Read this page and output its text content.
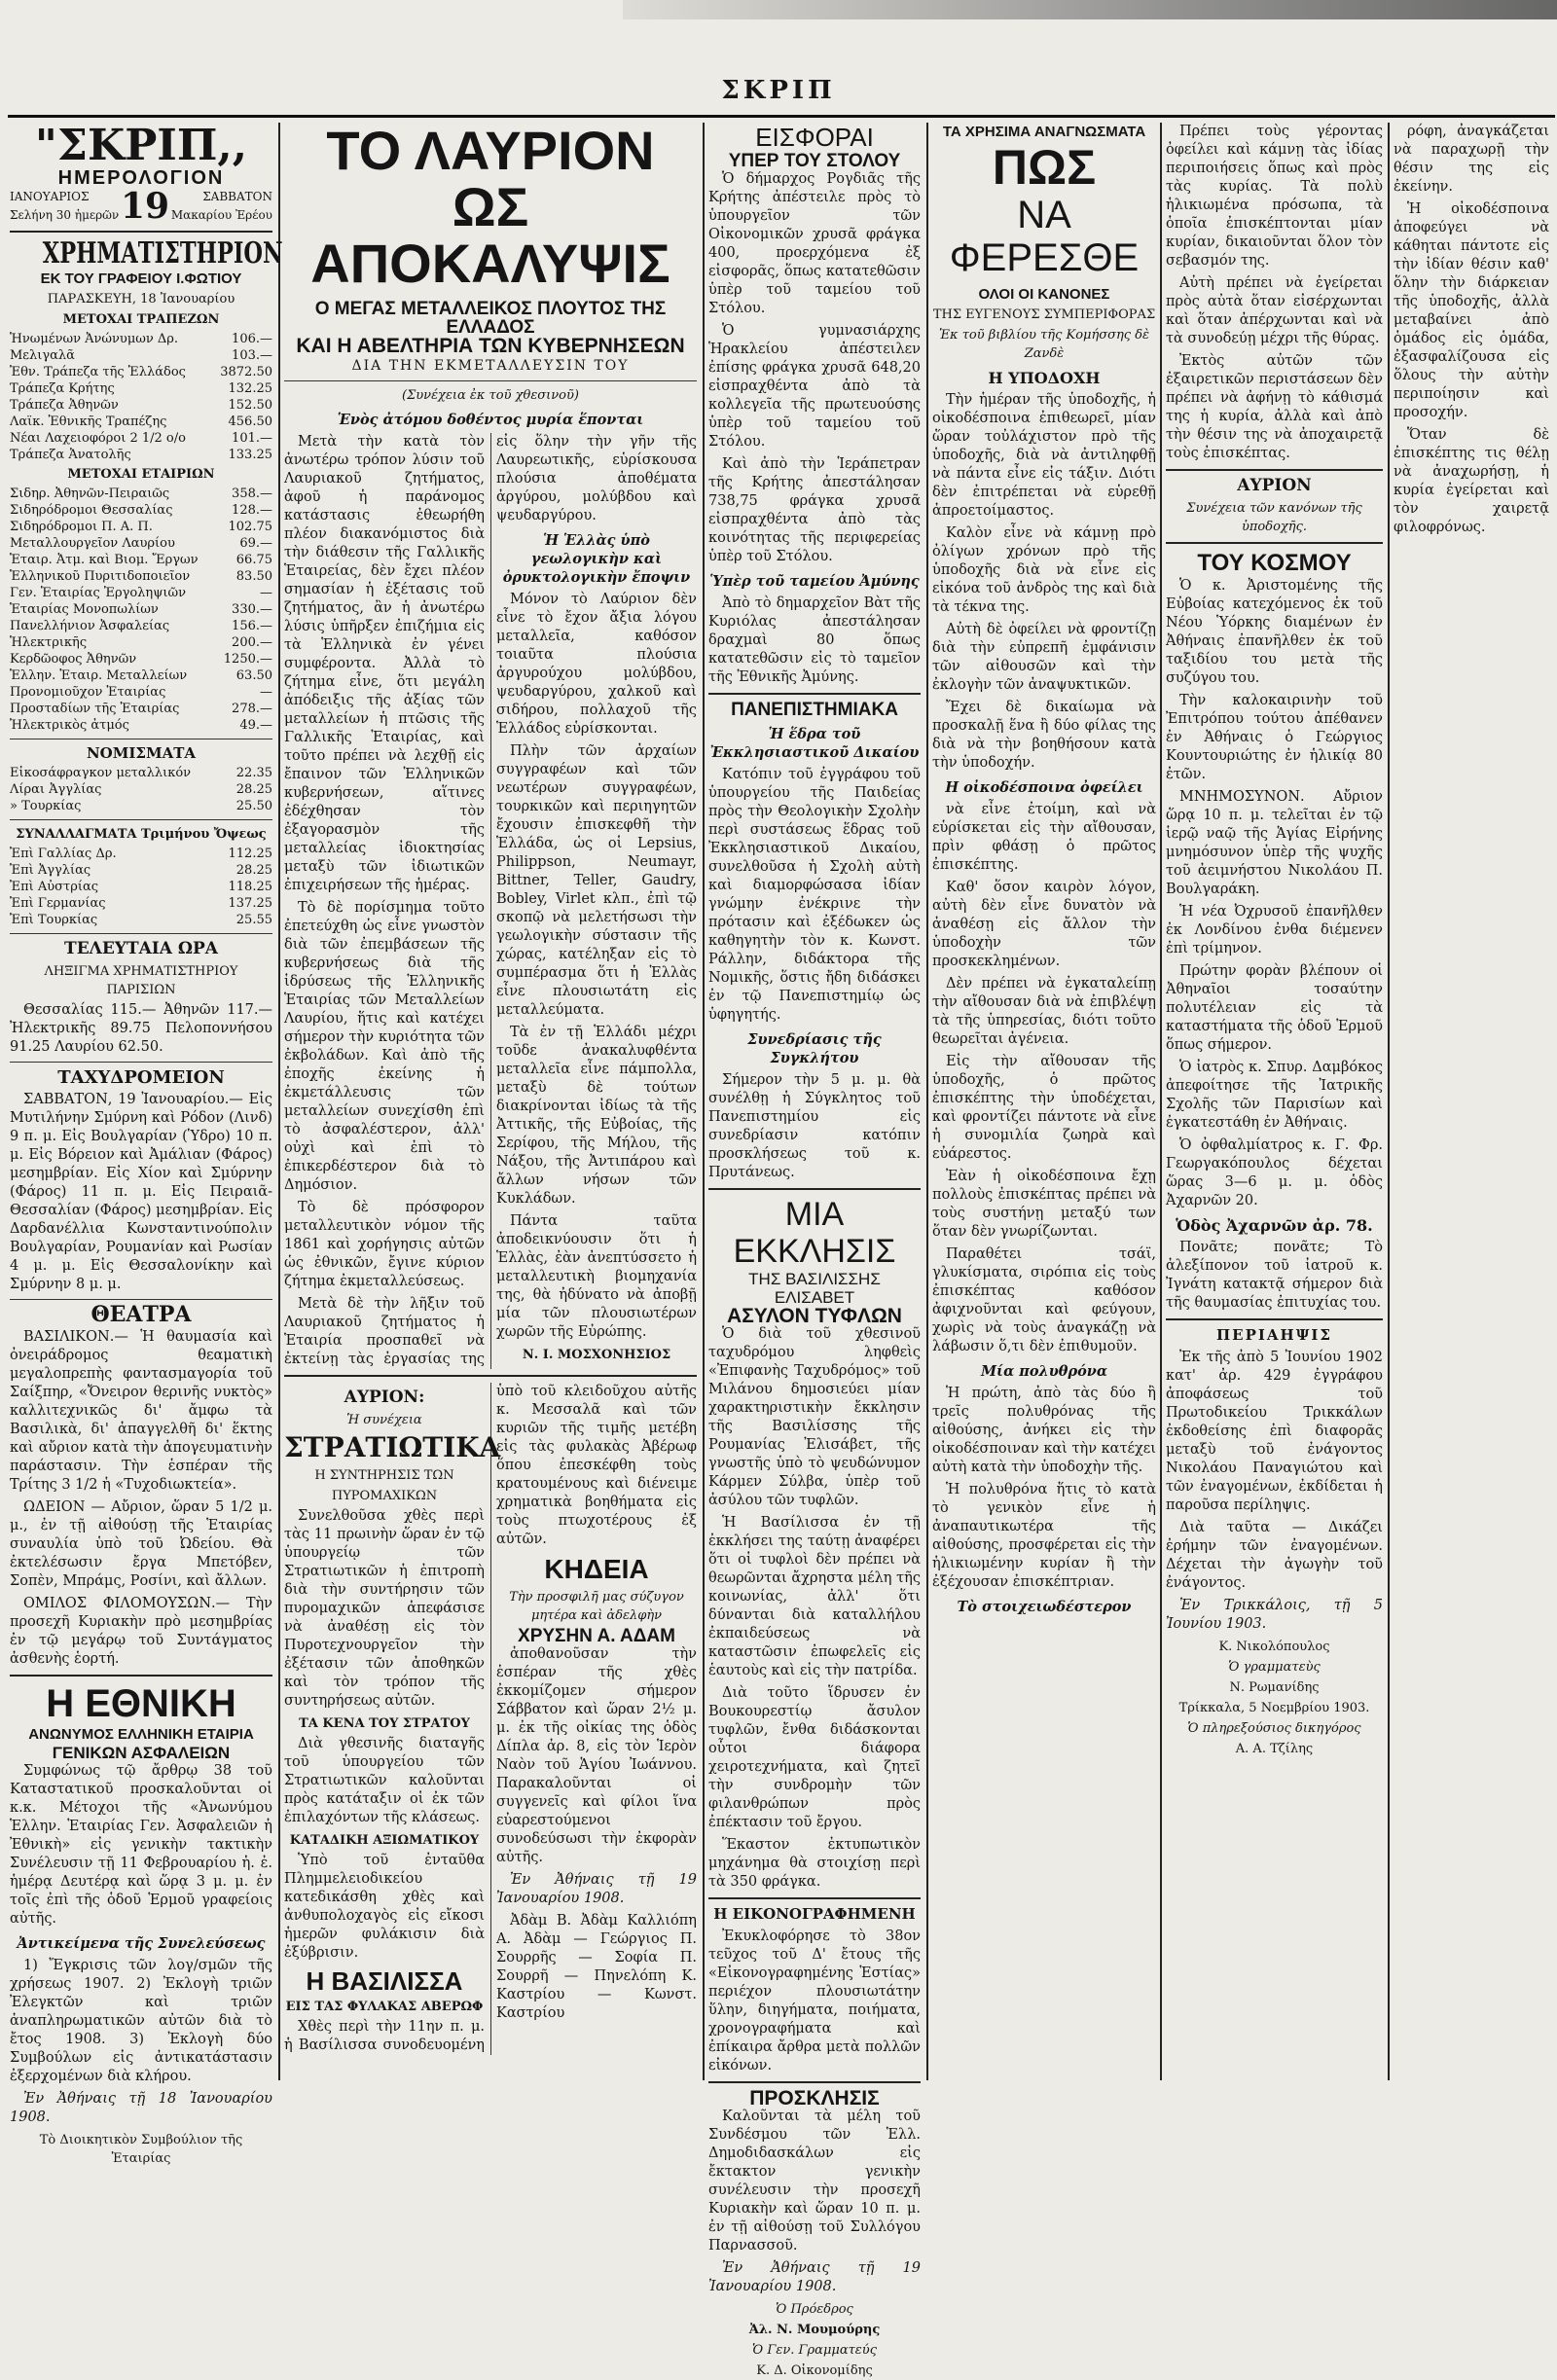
ΣΚΡΙΠ
"ΣΚΡΙΠ,,
ΗΜΕΡΟΛΟΓΙΟΝ
ΙΑΝΟΥΑΡΙΟΣ
Σελήνη 30 ἡμερῶν 19	ΣΑΒΒΑΤΟΝ
Μακαρίου Ἐρέου
ΧΡΗΜΑΤΙΣΤΗΡΙΟΝ
ΕΚ ΤΟΥ ΓΡΑΦΕΙΟΥ Ι.ΦΩΤΙΟΥ
ΠΑΡΑΣΚΕΥΗ, 18 Ἰανουαρίου
ΜΕΤΟΧΑΙ ΤΡΑΠΕΖΩΝ
Ἡνωμένων Ἀνώνυμων Δρ.	106.—
Μελιγαλᾶ	103.—
Ἐθν. Τράπεζα τῆς Ἑλλάδος	3872.50
Τράπεζα Κρήτης	132.25
Τράπεζα Ἀθηνῶν	152.50
Λαϊκ. Ἐθνικῆς Τραπέζης	456.50
Νέαι Λαχειοφόροι 2 1/2 ο/ο	101.—
Τράπεζα Ἀνατολῆς	133.25
ΜΕΤΟΧΑΙ ΕΤΑΙΡΙΩΝ
Σιδηρ. Ἀθηνῶν-Πειραιῶς	358.—
Σιδηρόδρομοι Θεσσαλίας	128.—
Σιδηρόδρομοι Π. Α. Π.	102.75
Μεταλλουργεῖον Λαυρίου	69.—
Ἑταιρ. Ἀτμ. καὶ Βιομ. Ἔργων	66.75
Ἑλληνικοῦ Πυριτιδοποιεῖον	83.50
Γεν. Ἑταιρίας Ἐργοληψιῶν	—
Ἑταιρίας Μονοπωλίων	330.—
Πανελλήνιον Ἀσφαλείας	156.—
Ἡλεκτρικῆς	200.—
Κερδῶοφος Ἀθηνῶν	1250.—
Ἑλλην. Ἑταιρ. Μεταλλείων	63.50
Προνομιοῦχον Ἑταιρίας	—
Προσταδίων τῆς Ἑταιρίας	278.—
Ἠλεκτρικὸς ἀτμός	49.—
ΝΟΜΙΣΜΑΤΑ
Εἰκοσάφραγκον μεταλλικόν	22.35
Λίραι Ἀγγλίας	28.25
» Τουρκίας	25.50
ΣΥΝΑΛΛΑΓΜΑΤΑ Τριμήνου Ὄψεως
Ἐπὶ Γαλλίας Δρ.	112.25
Ἐπὶ Ἀγγλίας	28.25
Ἐπὶ Αὐστρίας	118.25
Ἐπὶ Γερμανίας	137.25
Ἐπὶ Τουρκίας	25.55
ΤΕΛΕΥΤΑΙΑ ΩΡΑ
ΛΗΞΙΓΜΑ ΧΡΗΜΑΤΙΣΤΗΡΙΟΥ ΠΑΡΙΣΙΩΝ

Θεσσαλίας 115.— Ἀθηνῶν 117.— Ἠλεκτρικῆς 89.75 Πελοποννήσου 91.25 Λαυρίου 62.50.

ΤΑΧΥΔΡΟΜΕΙΟΝ

ΣΑΒΒΑΤΟΝ, 19 Ἰανουαρίου.— Εἰς Μυτιλήνην Σμύρνη καὶ Ρόδον (Λινδ) 9 π. μ. Εἰς Βουλγαρίαν (Ὑδρο) 10 π. μ. Εἰς Βόρειον καὶ Ἀμάλιαν (Φάρος) μεσημβρίαν. Εἰς Χίον καὶ Σμύρνην (Φάρος) 11 π. μ. Εἰς Πειραιᾶ-Θεσσαλίαν (Φάρος) μεσημβρίαν. Εἰς Δαρδανέλλια Κωνσταντινούπολιν Βουλγαρίαν, Ρουμανίαν καὶ Ρωσίαν 4 μ. μ. Εἰς Θεσσαλονίκην καὶ Σμύρνην 8 μ. μ.

ΘΕΑΤΡΑ

ΒΑΣΙΛΙΚΟΝ.— Ἡ θαυμασία καὶ ὀνειράδρομος θεαματικὴ μεγαλοπρεπὴς φαντασμαγορία τοῦ Σαίξπηρ, «Ὄνειρον θερινῆς νυκτὸς» καλλιτεχνικῶς δι' ἄμφω τὰ Βασιλικὰ, δι' ἀπαγγελθῆ δι' ἕκτης καὶ αὔριον κατὰ τὴν ἀπογευματινὴν παράστασιν. Τὴν ἑσπέραν τῆς Τρίτης 3 1/2 ἡ «Τυχοδιωκτεία».

ΩΔΕΙΟΝ — Αὔριον, ὥραν 5 1/2 μ. μ., ἐν τῇ αἰθούσῃ τῆς Ἑταιρίας συναυλία ὑπὸ τοῦ Ὠδείου. Θὰ ἐκτελέσωσιν ἔργα Μπετόβεν, Σοπὲν, Μπράμς, Ροσίνι, καὶ ἄλλων.

ΟΜΙΛΟΣ ΦΙΛΟΜΟΥΣΩΝ.— Τὴν προσεχῆ Κυριακὴν πρὸ μεσημβρίας ἐν τῷ μεγάρῳ τοῦ Συντάγματος ἀσθενὴς ἑορτή.

Η ΕΘΝΙΚΗ
ΑΝΩΝΥΜΟΣ ΕΛΛΗΝΙΚΗ ΕΤΑΙΡΙΑ
ΓΕΝΙΚΩΝ ΑΣΦΑΛΕΙΩΝ

Συμφώνως τῷ ἄρθρῳ 38 τοῦ Καταστατικοῦ προσκαλοῦνται οἱ κ.κ. Μέτοχοι τῆς «Ἀνωνύμου Ἑλλην. Ἑταιρίας Γεν. Ἀσφαλειῶν ἡ Ἐθνικὴ» εἰς γενικὴν τακτικὴν Συνέλευσιν τῇ 11 Φεβρουαρίου ἡ. ἐ. ἡμέρᾳ Δευτέρᾳ καὶ ὥρᾳ 3 μ. μ. ἐν τοῖς ἐπὶ τῆς ὁδοῦ Ἑρμοῦ γραφείοις αὐτῆς.

Ἀντικείμενα τῆς Συνελεύσεως

1) Ἔγκρισις τῶν λογ/σμῶν τῆς χρήσεως 1907. 2) Ἐκλογὴ τριῶν Ἐλεγκτῶν καὶ τριῶν ἀναπληρωματικῶν αὐτῶν διὰ τὸ ἔτος 1908. 3) Ἐκλογὴ δύο Συμβούλων εἰς ἀντικατάστασιν ἐξερχομένων διὰ κλήρου.

Ἐν Ἀθήναις τῇ 18 Ἰανουαρίου 1908.

Τὸ Διοικητικὸν Συμβούλιον τῆς Ἑταιρίας
ΤΟ ΛΑΥΡΙΟΝ
ΩΣ ΑΠΟΚΑΛΥΨΙΣ
Ο ΜΕΓΑΣ ΜΕΤΑΛΛΕΙΚΟΣ ΠΛΟΥΤΟΣ ΤΗΣ ΕΛΛΑΔΟΣ
ΚΑΙ Η ΑΒΕΛΤΗΡΙΑ ΤΩΝ ΚΥΒΕΡΝΗΣΕΩΝ
ΔΙΑ ΤΗΝ ΕΚΜΕΤΑΛΛΕΥΣΙΝ ΤΟΥ
(Συνέχεια ἐκ τοῦ χθεσινοῦ)
Ἑνὸς ἀτόμου δοθέντος μυρία ἕπονται

Μετὰ τὴν κατὰ τὸν ἀνωτέρω τρόπον λύσιν τοῦ Λαυριακοῦ ζητήματος, ἀφοῦ ἡ παράνομος κατάστασις ἐθεωρήθη πλέον διακανόμιστος διὰ τὴν διάθεσιν τῆς Γαλλικῆς Ἑταιρείας, δὲν ἔχει πλέον σημασίαν ἡ ἐξέτασις τοῦ ζητήματος, ἂν ἡ ἀνωτέρω λύσις ὑπῆρξεν ἐπιζήμια εἰς τὰ Ἑλληνικὰ ἐν γένει συμφέροντα. Ἀλλὰ τὸ ζήτημα εἶνε, ὅτι μεγάλη ἀπόδειξις τῆς ἀξίας τῶν μεταλλείων ἡ πτῶσις τῆς Γαλλικῆς Ἑταιρίας, καὶ τοῦτο πρέπει νὰ λεχθῇ εἰς ἔπαινον τῶν Ἑλληνικῶν κυβερνήσεων, αἵτινες ἐδέχθησαν τὸν ἐξαγορασμὸν τῆς μεταλλείας ἰδιοκτησίας μεταξὺ τῶν ἰδιωτικῶν ἐπιχειρήσεων τῆς ἡμέρας.

Τὸ δὲ πορίσμημα τοῦτο ἐπετεύχθη ὡς εἶνε γνωστὸν διὰ τῶν ἐπεμβάσεων τῆς κυβερνήσεως διὰ τῆς ἱδρύσεως τῆς Ἑλληνικῆς Ἑταιρίας τῶν Μεταλλείων Λαυρίου, ἥτις καὶ κατέχει σήμερον τὴν κυριότητα τῶν ἐκβολάδων. Καὶ ἀπὸ τῆς ἐποχῆς ἐκείνης ἡ ἐκμετάλλευσις τῶν μεταλλείων συνεχίσθη ἐπὶ τὸ ἀσφαλέστερον, ἀλλ' οὐχὶ καὶ ἐπὶ τὸ ἐπικερδέστερον διὰ τὸ Δημόσιον.

Τὸ δὲ πρόσφορον μεταλλευτικὸν νόμον τῆς 1861 καὶ χορήγησις αὐτῶν ὡς ἐθνικῶν, ἔγινε κύριον ζήτημα ἐκμεταλλεύσεως.

Μετὰ δὲ τὴν λῆξιν τοῦ Λαυριακοῦ ζητήματος ἡ Ἑταιρία προσπαθεῖ νὰ ἐκτείνῃ τὰς ἐργασίας της εἰς ὅλην τὴν γῆν τῆς Λαυρεωτικῆς, εὑρίσκουσα πλούσια ἀποθέματα ἀργύρου, μολύβδου καὶ ψευδαργύρου.

Ἡ Ἑλλὰς ὑπὸ γεωλογικὴν καὶ ὀρυκτολογικὴν ἔποψιν

Μόνον τὸ Λαύριον δὲν εἶνε τὸ ἔχον ἄξια λόγου μεταλλεῖα, καθόσον τοιαῦτα πλούσια ἀργυρούχου μολύβδου, ψευδαργύρου, χαλκοῦ καὶ σιδήρου, πολλαχοῦ τῆς Ἑλλάδος εὑρίσκονται.

Πλὴν τῶν ἀρχαίων συγγραφέων καὶ τῶν νεωτέρων συγγραφέων, τουρκικῶν καὶ περιηγητῶν ἔχουσιν ἐπισκεφθῆ τὴν Ἑλλάδα, ὡς οἱ Lepsius, Philippson, Neumayr, Bittner, Teller, Gaudry, Bobley, Virlet κλπ., ἐπὶ τῷ σκοπῷ νὰ μελετήσωσι τὴν γεωλογικὴν σύστασιν τῆς χώρας, κατέληξαν εἰς τὸ συμπέρασμα ὅτι ἡ Ἑλλὰς εἶνε πλουσιωτάτη εἰς μεταλλεύματα.

Τὰ ἐν τῇ Ἑλλάδι μέχρι τοῦδε ἀνακαλυφθέντα μεταλλεῖα εἶνε πάμπολλα, μεταξὺ δὲ τούτων διακρίνονται ἰδίως τὰ τῆς Ἀττικῆς, τῆς Εὐβοίας, τῆς Σερίφου, τῆς Μήλου, τῆς Νάξου, τῆς Ἀντιπάρου καὶ ἄλλων νήσων τῶν Κυκλάδων.

Πάντα ταῦτα ἀποδεικνύουσιν ὅτι ἡ Ἑλλὰς, ἐὰν ἀνεπτύσσετο ἡ μεταλλευτικὴ βιομηχανία της, θὰ ἠδύνατο νὰ ἀποβῇ μία τῶν πλουσιωτέρων χωρῶν τῆς Εὐρώπης.

Ν. Ι. ΜΟΣΧΟΝΗΣΙΟΣ
ΑΥΡΙΟΝ:
Ἡ συνέχεια
ΣΤΡΑΤΙΩΤΙΚΑ
Η ΣΥΝΤΗΡΗΣΙΣ ΤΩΝ
ΠΥΡΟΜΑΧΙΚΩΝ

Συνελθοῦσα χθὲς περὶ τὰς 11 πρωινὴν ὥραν ἐν τῷ ὑπουργείῳ τῶν Στρατιωτικῶν ἡ ἐπιτροπὴ διὰ τὴν συντήρησιν τῶν πυρομαχικῶν ἀπεφάσισε νὰ ἀναθέσῃ εἰς τὸν Πυροτεχνουργεῖον τὴν ἐξέτασιν τῶν ἀποθηκῶν καὶ τὸν τρόπον τῆς συντηρήσεως αὐτῶν.

ΤΑ ΚΕΝΑ ΤΟΥ ΣΤΡΑΤΟΥ

Διὰ γθεσινῆς διαταγῆς τοῦ ὑπουργείου τῶν Στρατιωτικῶν καλοῦνται πρὸς κατάταξιν οἱ ἐκ τῶν ἐπιλαχόντων τῆς κλάσεως.

ΚΑΤΑΔΙΚΗ ΑΞΙΩΜΑΤΙΚΟΥ

Ὑπὸ τοῦ ἐνταῦθα Πλημμελειοδικείου κατεδικάσθη χθὲς καὶ ἀνθυπολοχαγὸς εἰς εἴκοσι ἡμερῶν φυλάκισιν διὰ ἐξύβρισιν.

Η ΒΑΣΙΛΙΣΣΑ
ΕΙΣ ΤΑΣ ΦΥΛΑΚΑΣ ΑΒΕΡΩΦ

Χθὲς περὶ τὴν 11ην π. μ. ἡ Βασίλισσα συνοδευομένη ὑπὸ τοῦ κλειδοῦχου αὐτῆς κ. Μεσσαλᾶ καὶ τῶν κυριῶν τῆς τιμῆς μετέβη εἰς τὰς φυλακὰς Ἀβέρωφ ὅπου ἐπεσκέφθη τοὺς κρατουμένους καὶ διένειμε χρηματικὰ βοηθήματα εἰς τοὺς πτωχοτέρους ἐξ αὐτῶν.

ΚΗΔΕΙΑ
Τὴν προσφιλῆ μας σύζυγον μητέρα καὶ ἀδελφὴν
ΧΡΥΣΗΝ Α. ΑΔΑΜ

ἀποθανοῦσαν τὴν ἑσπέραν τῆς χθὲς ἐκκομίζομεν σήμερον Σάββατον καὶ ὥραν 2½ μ. μ. ἐκ τῆς οἰκίας της ὁδὸς Δίπλα ἀρ. 8, εἰς τὸν Ἱερὸν Ναὸν τοῦ Ἁγίου Ἰωάννου. Παρακαλοῦνται οἱ συγγενεῖς καὶ φίλοι ἵνα εὐαρεστούμενοι συνοδεύσωσι τὴν ἐκφορὰν αὐτῆς.

Ἐν Ἀθήναις τῇ 19 Ἰανουαρίου 1908.

Ἀδὰμ Β. Ἀδὰμ Καλλιόπη Α. Ἀδὰμ — Γεώργιος Π. Σουρρῆς — Σοφία Π. Σουρρῆ — Πηνελόπη Κ. Καστρίου — Κωνστ. Καστρίου

ΕΙΣΦΟΡΑΙ
ΥΠΕΡ ΤΟΥ ΣΤΟΛΟΥ

Ὁ δήμαρχος Ρογδιᾶς τῆς Κρήτης ἀπέστειλε πρὸς τὸ ὑπουργεῖον τῶν Οἰκονομικῶν χρυσᾶ φράγκα 400, προερχόμενα ἐξ εἰσφορᾶς, ὅπως κατατεθῶσιν ὑπὲρ τοῦ ταμείου τοῦ Στόλου.

Ὁ γυμνασιάρχης Ἡρακλείου ἀπέστειλεν ἐπίσης φράγκα χρυσᾶ 648,20 εἰσπραχθέντα ἀπὸ τὰ κολλεγεῖα τῆς πρωτευούσης ὑπὲρ τοῦ ταμείου τοῦ Στόλου.

Καὶ ἀπὸ τὴν Ἱεράπετραν τῆς Κρήτης ἀπεστάλησαν 738,75 φράγκα χρυσᾶ εἰσπραχθέντα ἀπὸ τὰς κοινότητας τῆς περιφερείας ὑπὲρ τοῦ Στόλου.

Ὑπὲρ τοῦ ταμείου Ἀμύνης

Ἀπὸ τὸ δημαρχεῖον Βὰτ τῆς Κυριόλας ἀπεστάλησαν δραχμαὶ 80 ὅπως κατατεθῶσιν εἰς τὸ ταμεῖον τῆς Ἐθνικῆς Ἀμύνης.

ΠΑΝΕΠΙΣΤΗΜΙΑΚΑ
Ἡ ἕδρα τοῦ Ἐκκλησιαστικοῦ Δικαίου

Κατόπιν τοῦ ἐγγράφου τοῦ ὑπουργείου τῆς Παιδείας πρὸς τὴν Θεολογικὴν Σχολὴν περὶ συστάσεως ἕδρας τοῦ Ἐκκλησιαστικοῦ Δικαίου, συνελθοῦσα ἡ Σχολὴ αὐτὴ καὶ διαμορφώσασα ἰδίαν γνώμην ἐνέκρινε τὴν πρότασιν καὶ ἐξέδωκεν ὡς καθηγητὴν τὸν κ. Κωνστ. Ράλλην, διδάκτορα τῆς Νομικῆς, ὅστις ἤδη διδάσκει ἐν τῷ Πανεπιστημίῳ ὡς ὑφηγητής.

Συνεδρίασις τῆς Συγκλήτου

Σήμερον τὴν 5 μ. μ. θὰ συνέλθῃ ἡ Σύγκλητος τοῦ Πανεπιστημίου εἰς συνεδρίασιν κατόπιν προσκλήσεως τοῦ κ. Πρυτάνεως.

ΜΙΑ ΕΚΚΛΗΣΙΣ
ΤΗΣ ΒΑΣΙΛΙΣΣΗΣ ΕΛΙΣΑΒΕΤ
ΑΣΥΛΟΝ ΤΥΦΛΩΝ

Ὁ διὰ τοῦ χθεσινοῦ ταχυδρόμου ληφθεὶς «Ἐπιφανὴς Ταχυδρόμος» τοῦ Μιλάνου δημοσιεύει μίαν χαρακτηριστικὴν ἔκκλησιν τῆς Βασιλίσσης τῆς Ρουμανίας Ἐλισάβετ, τῆς γνωστῆς ὑπὸ τὸ ψευδώνυμον Κάρμεν Σύλβα, ὑπὲρ τοῦ ἀσύλου τῶν τυφλῶν.

Ἡ Βασίλισσα ἐν τῇ ἐκκλήσει της ταύτῃ ἀναφέρει ὅτι οἱ τυφλοὶ δὲν πρέπει νὰ θεωρῶνται ἄχρηστα μέλη τῆς κοινωνίας, ἀλλ' ὅτι δύνανται διὰ καταλλήλου ἐκπαιδεύσεως νὰ καταστῶσιν ἐπωφελεῖς εἰς ἑαυτοὺς καὶ εἰς τὴν πατρίδα.

Διὰ τοῦτο ἵδρυσεν ἐν Βουκουρεστίῳ ἄσυλον τυφλῶν, ἔνθα διδάσκονται οὗτοι διάφορα χειροτεχνήματα, καὶ ζητεῖ τὴν συνδρομὴν τῶν φιλανθρώπων πρὸς ἐπέκτασιν τοῦ ἔργου.

Ἕκαστον ἐκτυπωτικὸν μηχάνημα θὰ στοιχίσῃ περὶ τὰ 350 φράγκα.

Η ΕΙΚΟΝΟΓΡΑΦΗΜΕΝΗ

Ἐκυκλοφόρησε τὸ 38ον τεῦχος τοῦ Δ' ἔτους τῆς «Εἰκονογραφημένης Ἑστίας» περιέχον πλουσιωτάτην ὕλην, διηγήματα, ποιήματα, χρονογραφήματα καὶ ἐπίκαιρα ἄρθρα μετὰ πολλῶν εἰκόνων.

ΠΡΟΣΚΛΗΣΙΣ

Καλοῦνται τὰ μέλη τοῦ Συνδέσμου τῶν Ἑλλ. Δημοδιδασκάλων εἰς ἔκτακτον γενικὴν συνέλευσιν τὴν προσεχῆ Κυριακὴν καὶ ὥραν 10 π. μ. ἐν τῇ αἰθούσῃ τοῦ Συλλόγου Παρνασσοῦ.

Ἐν Ἀθήναις τῇ 19 Ἰανουαρίου 1908.

Ὁ Πρόεδρος
Ἀλ. Ν. Μουμούρης
Ὁ Γεν. Γραμματεύς
Κ. Δ. Οἰκονομίδης
ΤΑ ΧΡΗΣΙΜΑ ΑΝΑΓΝΩΣΜΑΤΑ
ΠΩΣ
ΝΑ ΦΕΡΕΣΘΕ
ΟΛΟΙ ΟΙ ΚΑΝΟΝΕΣ
ΤΗΣ ΕΥΓΕΝΟΥΣ ΣΥΜΠΕΡΙΦΟΡΑΣ
Ἐκ τοῦ βιβλίου τῆς Κομήσσης δὲ Ζανδὲ
Η ΥΠΟΔΟΧΗ

Τὴν ἡμέραν τῆς ὑποδοχῆς, ἡ οἰκοδέσποινα ἐπιθεωρεῖ, μίαν ὥραν τοὐλάχιστον πρὸ τῆς ὑποδοχῆς, διὰ νὰ ἀντιληφθῇ νὰ πάντα εἶνε εἰς τάξιν. Διότι δὲν ἐπιτρέπεται νὰ εὑρεθῇ ἀπροετοίμαστος.

Καλὸν εἶνε νὰ κάμνῃ πρὸ ὀλίγων χρόνων πρὸ τῆς ὑποδοχῆς διὰ νὰ εἶνε εἰς εἰκόνα τοῦ ἀνδρὸς της καὶ διὰ τὰ τέκνα της.

Αὐτὴ δὲ ὀφείλει νὰ φροντίζῃ διὰ τὴν εὐπρεπῆ ἐμφάνισιν τῶν αἰθουσῶν καὶ τὴν ἐκλογὴν τῶν ἀναψυκτικῶν.

Ἔχει δὲ δικαίωμα νὰ προσκαλῇ ἕνα ἢ δύο φίλας της διὰ νὰ τὴν βοηθήσουν κατὰ τὴν ὑποδοχήν.

Η οἰκοδέσποινα ὀφείλει

νὰ εἶνε ἐτοίμη, καὶ νὰ εὑρίσκεται εἰς τὴν αἴθουσαν, πρὶν φθάσῃ ὁ πρῶτος ἐπισκέπτης.

Καθ' ὅσον καιρὸν λόγον, αὐτὴ δὲν εἶνε δυνατὸν νὰ ἀναθέσῃ εἰς ἄλλον τὴν ὑποδοχὴν τῶν προσκεκλημένων.

Δὲν πρέπει νὰ ἐγκαταλείπῃ τὴν αἴθουσαν διὰ νὰ ἐπιβλέψῃ τὰ τῆς ὑπηρεσίας, διότι τοῦτο θεωρεῖται ἀγένεια.

Εἰς τὴν αἴθουσαν τῆς ὑποδοχῆς, ὁ πρῶτος ἐπισκέπτης τὴν ὑποδέχεται, καὶ φροντίζει πάντοτε νὰ εἶνε ἡ συνομιλία ζωηρὰ καὶ εὐάρεστος.

Ἐὰν ἡ οἰκοδέσποινα ἔχῃ πολλοὺς ἐπισκέπτας πρέπει νὰ τοὺς συστήνῃ μεταξύ των ὅταν δὲν γνωρίζωνται.

Παραθέτει τσάϊ, γλυκίσματα, σιρόπια εἰς τοὺς ἐπισκέπτας καθόσον ἀφιχνοῦνται καὶ φεύγουν, χωρὶς νὰ τοὺς ἀναγκάζῃ νὰ λάβωσιν ὅ,τι δὲν ἐπιθυμοῦν.

Μία πολυθρόνα

Ἡ πρώτη, ἀπὸ τὰς δύο ἢ τρεῖς πολυθρόνας τῆς αἰθούσης, ἀνήκει εἰς τὴν οἰκοδέσποιναν καὶ τὴν κατέχει αὐτὴ κατὰ τὴν ὑποδοχὴν τῆς.

Ἡ πολυθρόνα ἥτις τὸ κατὰ τὸ γενικὸν εἶνε ἡ ἀναπαυτικωτέρα τῆς αἰθούσης, προσφέρεται εἰς τὴν ἡλικιωμένην κυρίαν ἢ τὴν ἐξέχουσαν ἐπισκέπτριαν.

Τὸ στοιχειωδέστερον

Πρέπει τοὺς γέροντας ὀφείλει καὶ κάμνῃ τὰς ἰδίας περιποιήσεις ὅπως καὶ πρὸς τὰς κυρίας. Τὰ πολὺ ἡλικιωμένα πρόσωπα, τὰ ὁποῖα ἐπισκέπτονται μίαν κυρίαν, δικαιοῦνται ὅλον τὸν σεβασμόν της.

Αὐτὴ πρέπει νὰ ἐγείρεται πρὸς αὐτὰ ὅταν εἰσέρχωνται καὶ ὅταν ἀπέρχωνται καὶ νὰ τὰ συνοδεύῃ μέχρι τῆς θύρας.

Ἐκτὸς αὐτῶν τῶν ἐξαιρετικῶν περιστάσεων δὲν πρέπει νὰ ἀφήνῃ τὸ κάθισμά της ἡ κυρία, ἀλλὰ καὶ ἀπὸ τὴν θέσιν της νὰ ἀποχαιρετᾷ τοὺς ἐπισκέπτας.

ΑΥΡΙΟΝ
Συνέχεια τῶν κανόνων τῆς ὑποδοχῆς.
ΤΟΥ ΚΟΣΜΟΥ

Ὁ κ. Ἀριστομένης τῆς Εὐβοίας κατεχόμενος ἐκ τοῦ Νέου Ὑόρκης διαμένων ἐν Ἀθήναις ἐπανῆλθεν ἐκ τοῦ ταξιδίου του μετὰ τῆς συζύγου του.

Τὴν καλοκαιρινὴν τοῦ Ἐπιτρόπου τούτου ἀπέθανεν ἐν Ἀθήναις ὁ Γεώργιος Κουντουριώτης ἐν ἡλικίᾳ 80 ἐτῶν.

ΜΝΗΜΟΣΥΝΟΝ. Αὔριον ὥρᾳ 10 π. μ. τελεῖται ἐν τῷ ἱερῷ ναῷ τῆς Ἁγίας Εἰρήνης μνημόσυνον ὑπὲρ τῆς ψυχῆς τοῦ ἀειμνήστου Νικολάου Π. Βουλγαράκη.

Ἡ νέα Ὀχρυσοῦ ἐπανῆλθεν ἐκ Λονδίνου ἐνθα διέμενεν ἐπὶ τρίμηνον.

Πρώτην φορὰν βλέπουν οἱ Ἀθηναῖοι τοσαύτην πολυτέλειαν εἰς τὰ καταστήματα τῆς ὁδοῦ Ἑρμοῦ ὅπως σήμερον.

Ὁ ἰατρὸς κ. Σπυρ. Δαμβόκος ἀπεφοίτησε τῆς Ἰατρικῆς Σχολῆς τῶν Παρισίων καὶ ἐγκατεστάθη ἐν Ἀθήναις.

Ὁ ὀφθαλμίατρος κ. Γ. Φρ. Γεωργακόπουλος δέχεται ὥρας 3—6 μ. μ. ὁδὸς Ἀχαρνῶν 20.

Ὁδὸς Ἀχαρνῶν ἀρ. 78.

Πονᾶτε; πονᾶτε; Τὸ ἀλεξίπονον τοῦ ἰατροῦ κ. Ἰγνάτη κατακτᾷ σήμερον διὰ τῆς θαυμασίας ἐπιτυχίας του.

ΠΕΡΙΑΗΨΙΣ

Ἐκ τῆς ἀπὸ 5 Ἰουνίου 1902 κατ' ἀρ. 429 ἐγγράφου ἀποφάσεως τοῦ Πρωτοδικείου Τρικκάλων ἐκδοθείσης ἐπὶ διαφορᾶς μεταξὺ τοῦ ἐνάγοντος Νικολάου Παναγιώτου καὶ τῶν ἐναγομένων, ἐκδίδεται ἡ παροῦσα περίληψις.

Διὰ ταῦτα — Δικάζει ἐρήμην τῶν ἐναγομένων. Δέχεται τὴν ἀγωγὴν τοῦ ἐνάγοντος.

Ἐν Τρικκάλοις, τῇ 5 Ἰουνίου 1903.

Κ. Νικολόπουλος
Ὁ γραμματεὺς
Ν. Ρωμανίδης
Τρίκκαλα, 5 Νοεμβρίου 1903.
Ὁ πληρεξούσιος δικηγόρος
Α. Α. Τζίλης

ρόφη, ἀναγκάζεται νὰ παραχωρῇ τὴν θέσιν της εἰς ἐκείνην.

Ἡ οἰκοδέσποινα ἀποφεύγει νὰ κάθηται πάντοτε εἰς τὴν ἰδίαν θέσιν καθ' ὅλην τὴν διάρκειαν τῆς ὑποδοχῆς, ἀλλὰ μεταβαίνει ἀπὸ ὁμάδος εἰς ὁμάδα, ἐξασφαλίζουσα εἰς ὅλους τὴν αὐτὴν περιποίησιν καὶ προσοχήν.

Ὅταν δὲ ἐπισκέπτης τις θέλῃ νὰ ἀναχωρήσῃ, ἡ κυρία ἐγείρεται καὶ τὸν χαιρετᾷ φιλοφρόνως.
